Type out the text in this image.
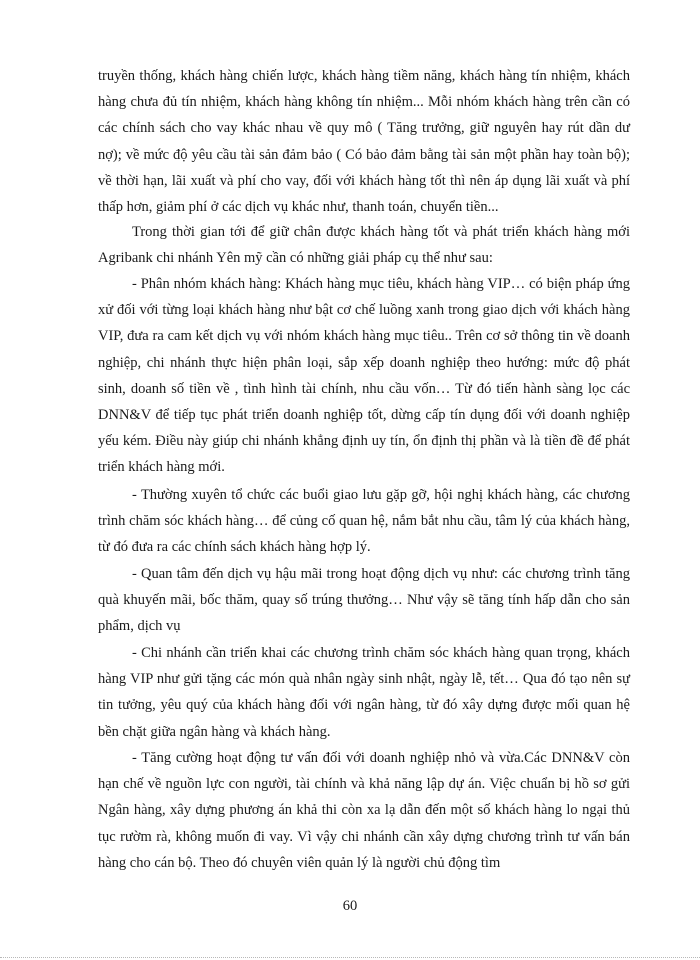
truyền thống, khách hàng chiến lược, khách hàng tiềm năng, khách hàng tín nhiệm, khách hàng chưa đủ tín nhiệm, khách hàng không tín nhiệm... Mỗi nhóm khách hàng trên cần có các chính sách cho vay khác nhau về quy mô ( Tăng trưởng, giữ nguyên hay rút dần dư nợ); về mức độ yêu cầu tài sản đảm bảo ( Có bảo đảm bằng tài sản một phần hay toàn bộ); về thời hạn, lãi xuất và phí cho vay, đối với khách hàng tốt thì nên áp dụng lãi xuất và phí thấp hơn, giảm phí ở các dịch vụ khác như, thanh toán, chuyển tiền...

Trong thời gian tới để giữ chân được khách hàng tốt và phát triển khách hàng mới Agribank chi nhánh Yên mỹ cần có những giải pháp cụ thể như sau:

- Phân nhóm khách hàng: Khách hàng mục tiêu, khách hàng VIP… có biện pháp ứng xử đối với từng loại khách hàng như bật cơ chế luồng xanh trong giao dịch với khách hàng VIP, đưa ra cam kết dịch vụ với nhóm khách hàng mục tiêu.. Trên cơ sở thông tin về doanh nghiệp, chi nhánh thực hiện phân loại, sắp xếp doanh nghiệp theo hướng: mức độ phát sinh, doanh số tiền về , tình hình tài chính, nhu cầu vốn… Từ đó tiến hành sàng lọc các DNN&V để tiếp tục phát triển doanh nghiệp tốt, dừng cấp tín dụng đối với doanh nghiệp yếu kém. Điều này giúp chi nhánh khẳng định uy tín, ổn định thị phần và là tiền đề để phát triển khách hàng mới.

- Thường xuyên tổ chức các buổi giao lưu gặp gỡ, hội nghị khách hàng, các chương trình chăm sóc khách hàng… để củng cố quan hệ, nắm bắt nhu cầu, tâm lý của khách hàng, từ đó đưa ra các chính sách khách hàng hợp lý.

- Quan tâm đến dịch vụ hậu mãi trong hoạt động dịch vụ như: các chương trình tăng quà khuyến mãi, bốc thăm, quay số trúng thưởng… Như vậy sẽ tăng tính hấp dẫn cho sản phẩm, dịch vụ

- Chi nhánh cần triển khai các chương trình chăm sóc khách hàng quan trọng, khách hàng VIP như gửi tặng các món quà nhân ngày sinh nhật, ngày lễ, tết… Qua đó tạo nên sự tin tưởng, yêu quý của khách hàng đối với ngân hàng, từ đó xây dựng được mối quan hệ bền chặt giữa ngân hàng và khách hàng.

- Tăng cường hoạt động tư vấn đối với doanh nghiệp nhỏ và vừa.Các DNN&V còn hạn chế về nguồn lực con người, tài chính và khả năng lập dự án. Việc chuẩn bị hồ sơ gửi Ngân hàng, xây dựng phương án khả thi còn xa lạ dẫn đến một số khách hàng lo ngại thủ tục rườm rà, không muốn đi vay. Vì vậy chi nhánh cần xây dựng chương trình tư vấn bán hàng cho cán bộ. Theo đó chuyên viên quản lý là người chủ động tìm

60
